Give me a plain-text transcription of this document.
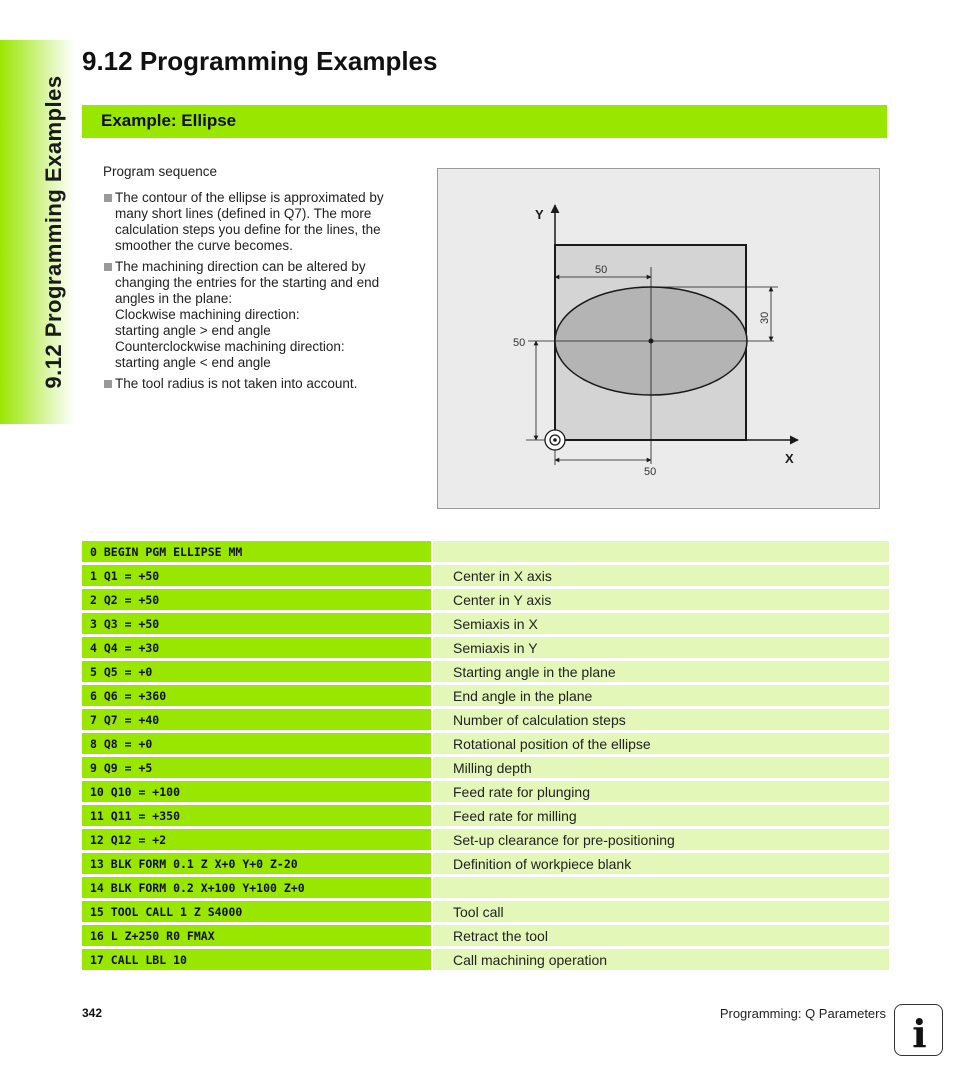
9.12 Programming Examples
9.12 Programming Examples
Example: Ellipse
Program sequence
The contour of the ellipse is approximated by
many short lines (defined in Q7). The more
calculation steps you define for the lines, the
smoother the curve becomes.
The machining direction can be altered by
changing the entries for the starting and end
angles in the plane:
Clockwise machining direction:
starting angle > end angle
Counterclockwise machining direction:
starting angle < end angle
The tool radius is not taken into account.
Y
X
50
30
50
50
0 BEGIN PGM ELLIPSE MM		
1 Q1 = +50		Center in X axis
2 Q2 = +50		Center in Y axis
3 Q3 = +50		Semiaxis in X
4 Q4 = +30		Semiaxis in Y
5 Q5 = +0		Starting angle in the plane
6 Q6 = +360		End angle in the plane
7 Q7 = +40		Number of calculation steps
8 Q8 = +0		Rotational position of the ellipse
9 Q9 = +5		Milling depth
10 Q10 = +100		Feed rate for plunging
11 Q11 = +350		Feed rate for milling
12 Q12 = +2		Set-up clearance for pre-positioning
13 BLK FORM 0.1 Z X+0 Y+0 Z-20		Definition of workpiece blank
14 BLK FORM 0.2 X+100 Y+100 Z+0		
15 TOOL CALL 1 Z S4000		Tool call
16 L Z+250 R0 FMAX		Retract the tool
17 CALL LBL 10		Call machining operation
342	Programming: Q Parameters i
